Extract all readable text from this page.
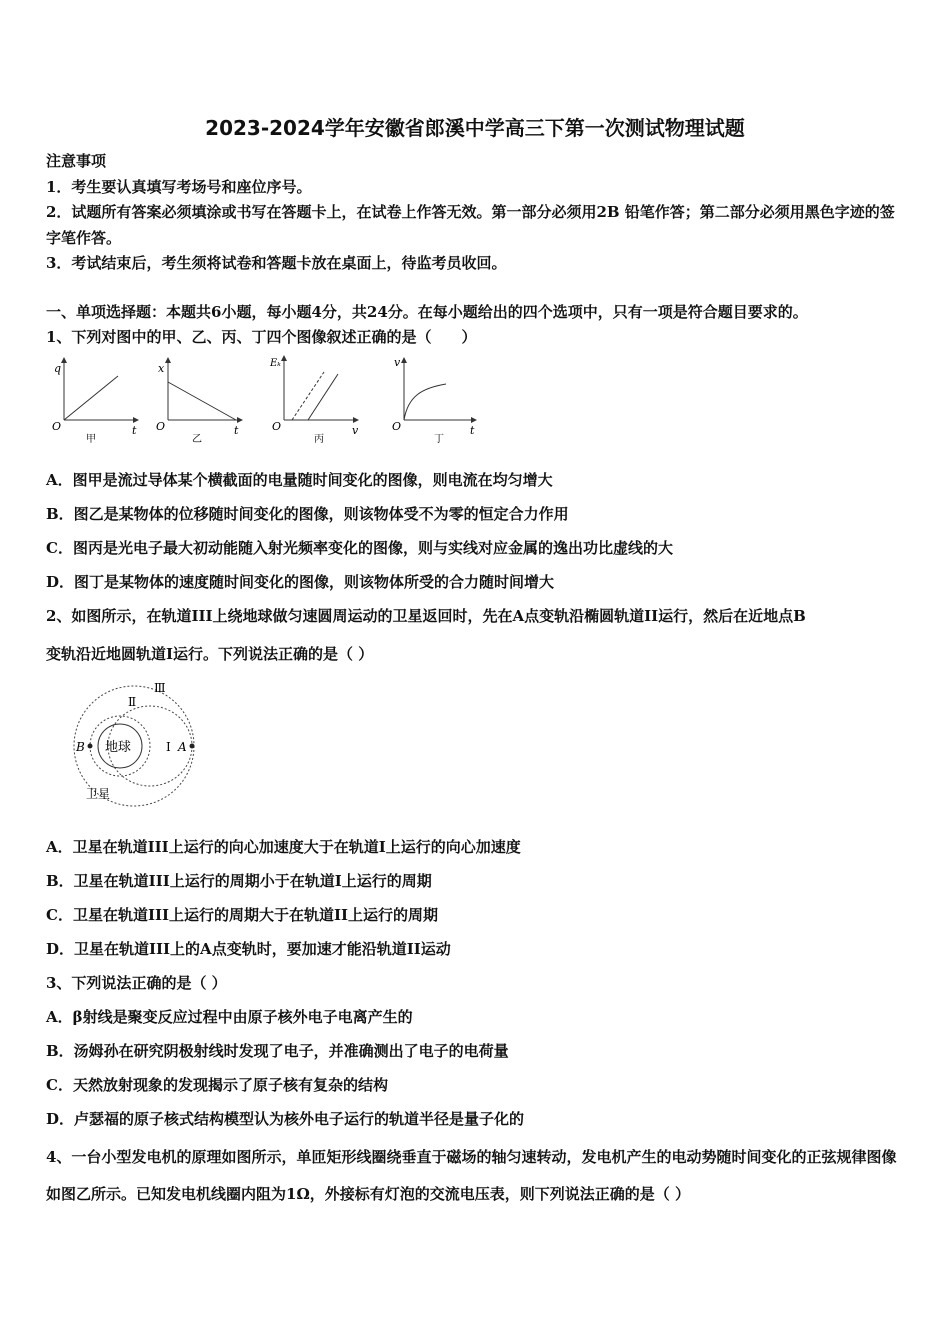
2023-2024学年安徽省郎溪中学高三下第一次测试物理试题
注意事项
1．考生要认真填写考场号和座位序号。
2．试题所有答案必须填涂或书写在答题卡上，在试卷上作答无效。第一部分必须用2B 铅笔作答；第二部分必须用黑色字迹的签字笔作答。
3．考试结束后，考生须将试卷和答题卡放在桌面上，待监考员收回。
一、单项选择题：本题共6小题，每小题4分，共24分。在每小题给出的四个选项中，只有一项是符合题目要求的。
1、下列对图中的甲、乙、丙、丁四个图像叙述正确的是（　　）
q
t
O
甲
x
t
O
乙
Eₖ
v
O
丙
v
t
O
丁
A．图甲是流过导体某个横截面的电量随时间变化的图像，则电流在均匀增大
B．图乙是某物体的位移随时间变化的图像，则该物体受不为零的恒定合力作用
C．图丙是光电子最大初动能随入射光频率变化的图像，则与实线对应金属的逸出功比虚线的大
D．图丁是某物体的速度随时间变化的图像，则该物体所受的合力随时间增大
2、如图所示，在轨道III上绕地球做匀速圆周运动的卫星返回时，先在A点变轨沿椭圆轨道II运行，然后在近地点B
变轨沿近地圆轨道I运行。下列说法正确的是（ ）
地球
B	Ⅰ A
Ⅱ
Ⅲ
卫星
A．卫星在轨道III上运行的向心加速度大于在轨道I上运行的向心加速度
B．卫星在轨道III上运行的周期小于在轨道I上运行的周期
C．卫星在轨道III上运行的周期大于在轨道II上运行的周期
D．卫星在轨道III上的A点变轨时，要加速才能沿轨道II运动
3、下列说法正确的是（ ）
A．β射线是聚变反应过程中由原子核外电子电离产生的
B．汤姆孙在研究阴极射线时发现了电子，并准确测出了电子的电荷量
C．天然放射现象的发现揭示了原子核有复杂的结构
D．卢瑟福的原子核式结构模型认为核外电子运行的轨道半径是量子化的
4、一台小型发电机的原理如图所示，单匝矩形线圈绕垂直于磁场的轴匀速转动，发电机产生的电动势随时间变化的正弦规律图像如图乙所示。已知发电机线圈内阻为1Ω，外接标有灯泡的交流电压表，则下列说法正确的是（ ）
